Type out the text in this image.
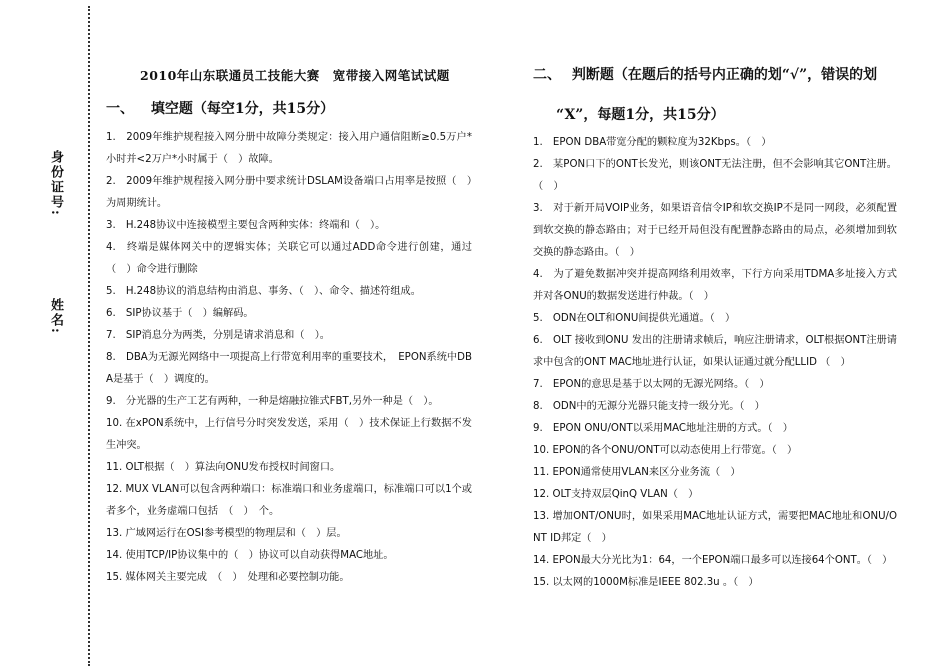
身份证号:
姓名:
2010年山东联通员工技能大赛　宽带接入网笔试试题
一、 填空题（每空1分，共15分）
1.　2009年维护规程接入网分册中故障分类规定：接入用户通信阻断≥0.5万户*小时并<2万户*小时属于（　）故障。
2.　2009年维护规程接入网分册中要求统计DSLAM设备端口占用率是按照（　）为周期统计。
3.　H.248协议中连接模型主要包含两种实体：终端和（　）。
4.　终端是媒体网关中的逻辑实体；关联它可以通过ADD命令进行创建，通过（　）命令进行删除
5.　H.248协议的消息结构由消息、事务、（　）、命令、描述符组成。
6.　SIP协议基于（　）编解码。
7.　SIP消息分为两类，分别是请求消息和（　）。
8.　DBA为无源光网络中一项提高上行带宽利用率的重要技术，　EPON系统中DBA是基于（　）调度的。
9.　分光器的生产工艺有两种，一种是熔融拉锥式FBT,另外一种是（　）。
10. 在xPON系统中，上行信号分时突发发送，采用（　）技术保证上行数据不发生冲突。
11. OLT根据（　）算法向ONU发布授权时间窗口。
12. MUX VLAN可以包含两种端口：标准端口和业务虚端口，标准端口可以1个或者多个，业务虚端口包括　（　）　个。
13. 广域网运行在OSI参考模型的物理层和（　）层。
14. 使用TCP/IP协议集中的（　）协议可以自动获得MAC地址。
15. 媒体网关主要完成　（　）　处理和必要控制功能。
二、 判断题（在题后的括号内正确的划“√”，错误的划
“X”，每题1分，共15分）
1.　EPON DBA带宽分配的颗粒度为32Kbps。（　）
2.　某PON口下的ONT长发光，则该ONT无法注册，但不会影响其它ONT注册。（　）
3.　对于新开局VOIP业务，如果语音信令IP和软交换IP不是同一网段，必须配置到软交换的静态路由；对于已经开局但没有配置静态路由的局点，必须增加到软交换的静态路由。（　）
4.　为了避免数据冲突并提高网络利用效率，下行方向采用TDMA多址接入方式并对各ONU的数据发送进行仲裁。（　）
5.　ODN在OLT和ONU间提供光通道。（　）
6.　OLT 接收到ONU 发出的注册请求帧后，响应注册请求，OLT根据ONT注册请求中包含的ONT MAC地址进行认证，如果认证通过就分配LLID （　）
7.　EPON的意思是基于以太网的无源光网络。（　）
8.　ODN中的无源分光器只能支持一级分光。（　）
9.　EPON ONU/ONT以采用MAC地址注册的方式。（　）
10. EPON的各个ONU/ONT可以动态使用上行带宽。（　）
11. EPON通常使用VLAN来区分业务流（　）
12. OLT支持双层QinQ VLAN（　）
13. 增加ONT/ONU时，如果采用MAC地址认证方式，需要把MAC地址和ONU/ONT ID邦定（　）
14. EPON最大分光比为1：64，一个EPON端口最多可以连接64个ONT。（　）
15. 以太网的1000M标准是IEEE 802.3u 。（　）
